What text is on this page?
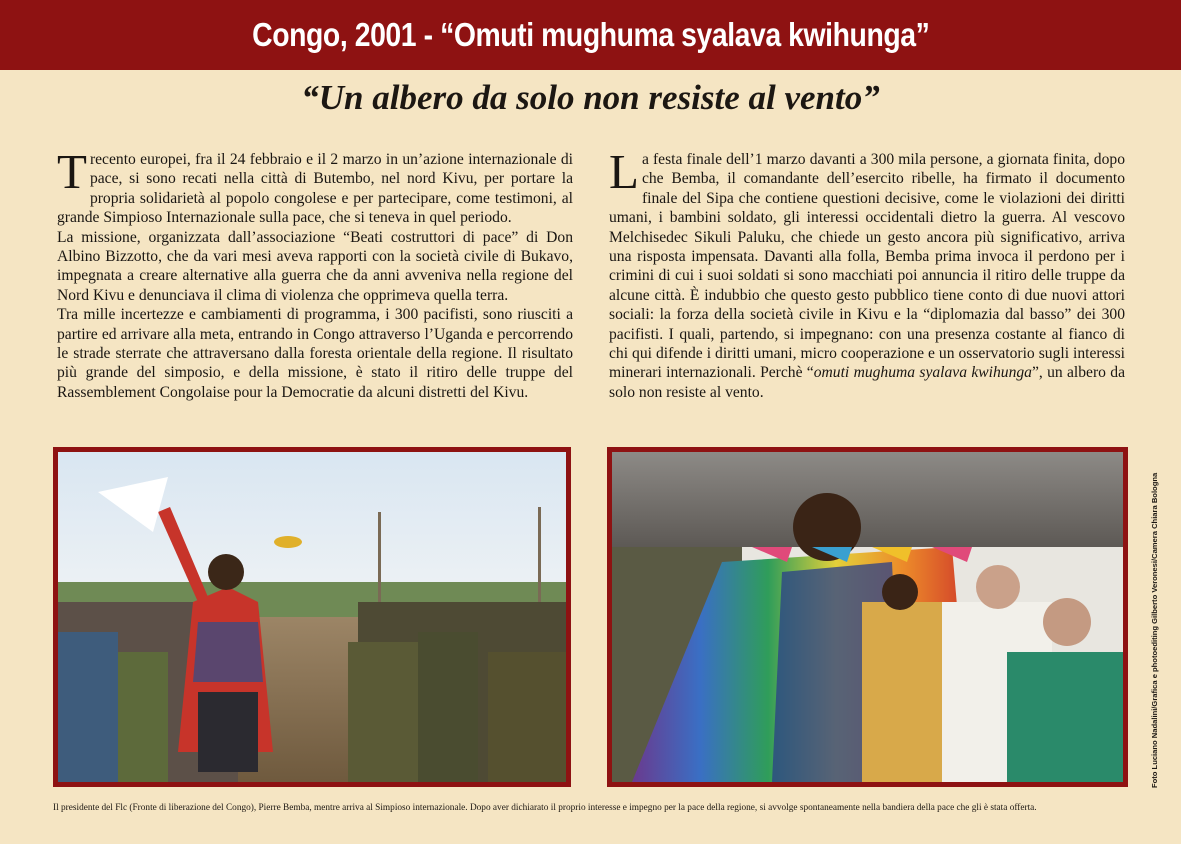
Congo, 2001 - “Omuti mughuma syalava kwihunga”
“Un albero da solo non resiste al vento”

Trecento europei, fra il 24 febbraio e il 2 marzo in un’azione internazionale di pace, si sono recati nella città di Butembo, nel nord Kivu, per portare la propria solidarietà al popolo congolese e per partecipare, come testimoni, al grande Simpioso Internazionale sulla pace, che si teneva in quel periodo.

La missione, organizzata dall’associazione “Beati costruttori di pace” di Don Albino Bizzotto, che da vari mesi aveva rapporti con la società civile di Bukavo, impegnata a creare alternative alla guerra che da anni avveniva nella regione del Nord Kivu e denunciava il clima di violenza che opprimeva quella terra.

Tra mille incertezze e cambiamenti di programma, i 300 pacifisti, sono riusciti a partire ed arrivare alla meta, entrando in Congo attraverso l’Uganda e percorrendo le strade sterrate che attraversano dalla foresta orientale della regione. Il risultato più grande del simposio, e della missione, è stato il ritiro delle truppe del Rassemblement Congolaise pour la Democratie da alcuni distretti del Kivu.

La festa finale dell’1 marzo davanti a 300 mila persone, a giornata finita, dopo che Bemba, il comandante dell’esercito ribelle, ha firmato il documento finale del Sipa che contiene questioni decisive, come le violazioni dei diritti umani, i bambini soldato, gli interessi occidentali dietro la guerra. Al vescovo Melchisedec Sikuli Paluku, che chiede un gesto ancora più significativo, arriva una risposta impensata. Davanti alla folla, Bemba prima invoca il perdono per i crimini di cui i suoi soldati si sono macchiati poi annuncia il ritiro delle truppe da alcune città. È indubbio che questo gesto pubblico tiene conto di due nuovi attori sociali: la forza della società civile in Kivu e la “diplomazia dal basso” dei 300 pacifisti. I quali, partendo, si impegnano: con una presenza costante al fianco di chi qui difende i diritti umani, micro cooperazione e un osservatorio sugli interessi minerari internazionali. Perchè “omuti mughuma syalava kwihunga”, un albero da solo non resiste al vento.

Il presidente del Flc (Fronte di liberazione del Congo), Pierre Bemba, mentre arriva al Simpioso internazionale. Dopo aver dichiarato il proprio interesse e impegno per la pace della regione, si avvolge spontaneamente nella bandiera della pace che gli è stata offerta.
Foto Luciano Nadalini/Grafica e photoediting Gilberto Veronesi/Camera Chiara Bologna
